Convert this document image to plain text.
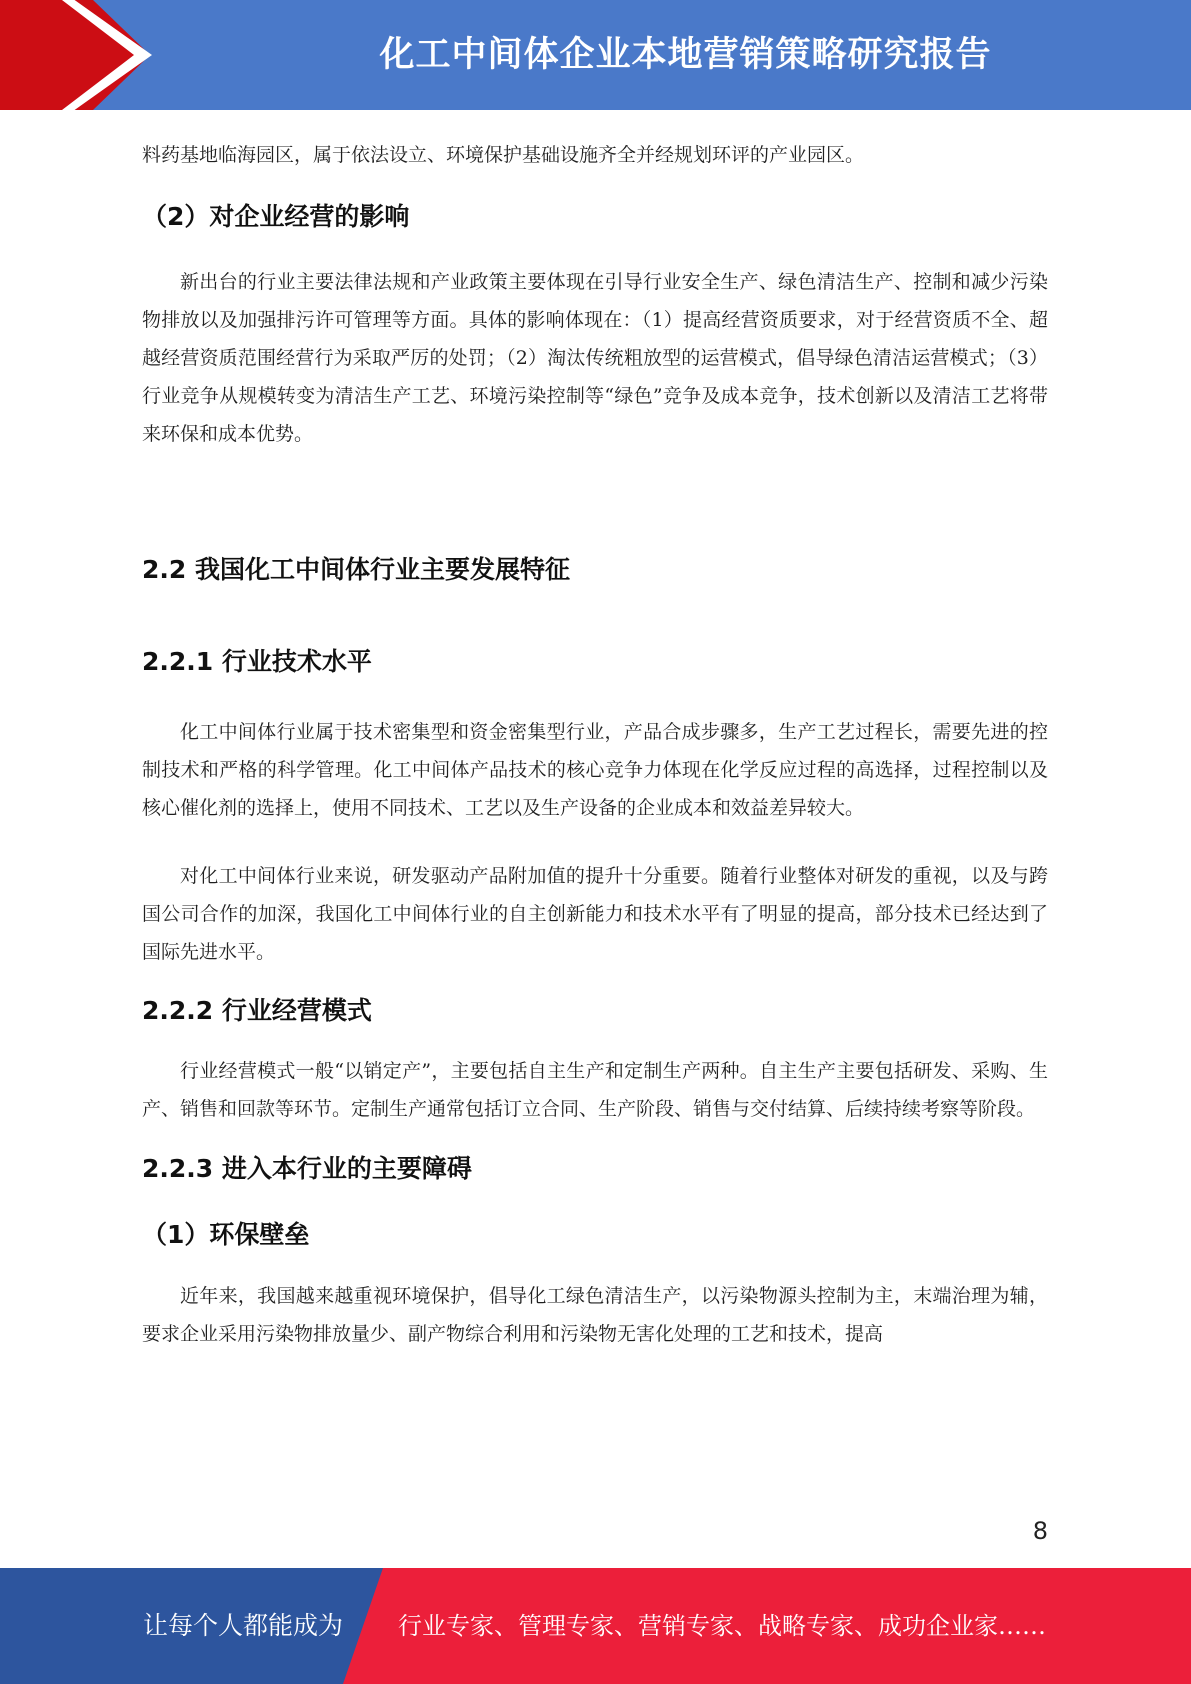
化工中间体企业本地营销策略研究报告

料药基地临海园区，属于依法设立、环境保护基础设施齐全并经规划环评的产业园区。

（2）对企业经营的影响

新出台的行业主要法律法规和产业政策主要体现在引导行业安全生产、绿色清洁生产、控制和减少污染物排放以及加强排污许可管理等方面。具体的影响体现在：（1）提高经营资质要求，对于经营资质不全、超越经营资质范围经营行为采取严厉的处罚；（2）淘汰传统粗放型的运营模式，倡导绿色清洁运营模式；（3）行业竞争从规模转变为清洁生产工艺、环境污染控制等“绿色”竞争及成本竞争，技术创新以及清洁工艺将带来环保和成本优势。

2.2 我国化工中间体行业主要发展特征
2.2.1 行业技术水平

化工中间体行业属于技术密集型和资金密集型行业，产品合成步骤多，生产工艺过程长，需要先进的控制技术和严格的科学管理。化工中间体产品技术的核心竞争力体现在化学反应过程的高选择，过程控制以及核心催化剂的选择上，使用不同技术、工艺以及生产设备的企业成本和效益差异较大。

对化工中间体行业来说，研发驱动产品附加值的提升十分重要。随着行业整体对研发的重视，以及与跨国公司合作的加深，我国化工中间体行业的自主创新能力和技术水平有了明显的提高，部分技术已经达到了国际先进水平。

2.2.2 行业经营模式

行业经营模式一般“以销定产”，主要包括自主生产和定制生产两种。自主生产主要包括研发、采购、生产、销售和回款等环节。定制生产通常包括订立合同、生产阶段、销售与交付结算、后续持续考察等阶段。

2.2.3 进入本行业的主要障碍
（1）环保壁垒

近年来，我国越来越重视环境保护，倡导化工绿色清洁生产，以污染物源头控制为主，末端治理为辅，要求企业采用污染物排放量少、副产物综合利用和污染物无害化处理的工艺和技术，提高

8
让每个人都能成为 行业专家、管理专家、营销专家、战略专家、成功企业家……
